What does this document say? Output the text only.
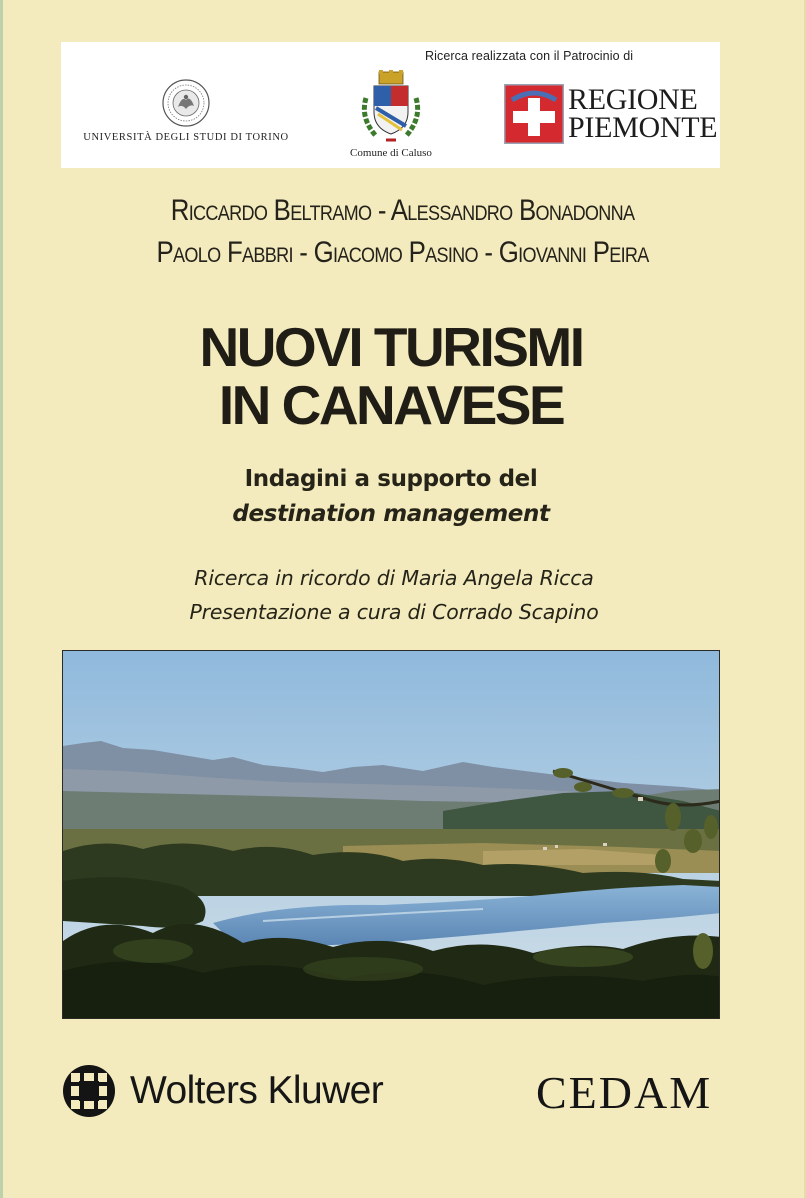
Ricerca realizzata con il Patrocinio di
UNIVERSITÀ DEGLI STUDI DI TORINO
Comune di Caluso
REGIONE
PIEMONTE
Riccardo Beltramo - Alessandro Bonadonna
Paolo Fabbri - Giacomo Pasino - Giovanni Peira
NUOVI TURISMI
IN CANAVESE
Indagini a supporto del
destination management
Ricerca in ricordo di Maria Angela Ricca
Presentazione a cura di Corrado Scapino
Wolters Kluwer	CEDAM
